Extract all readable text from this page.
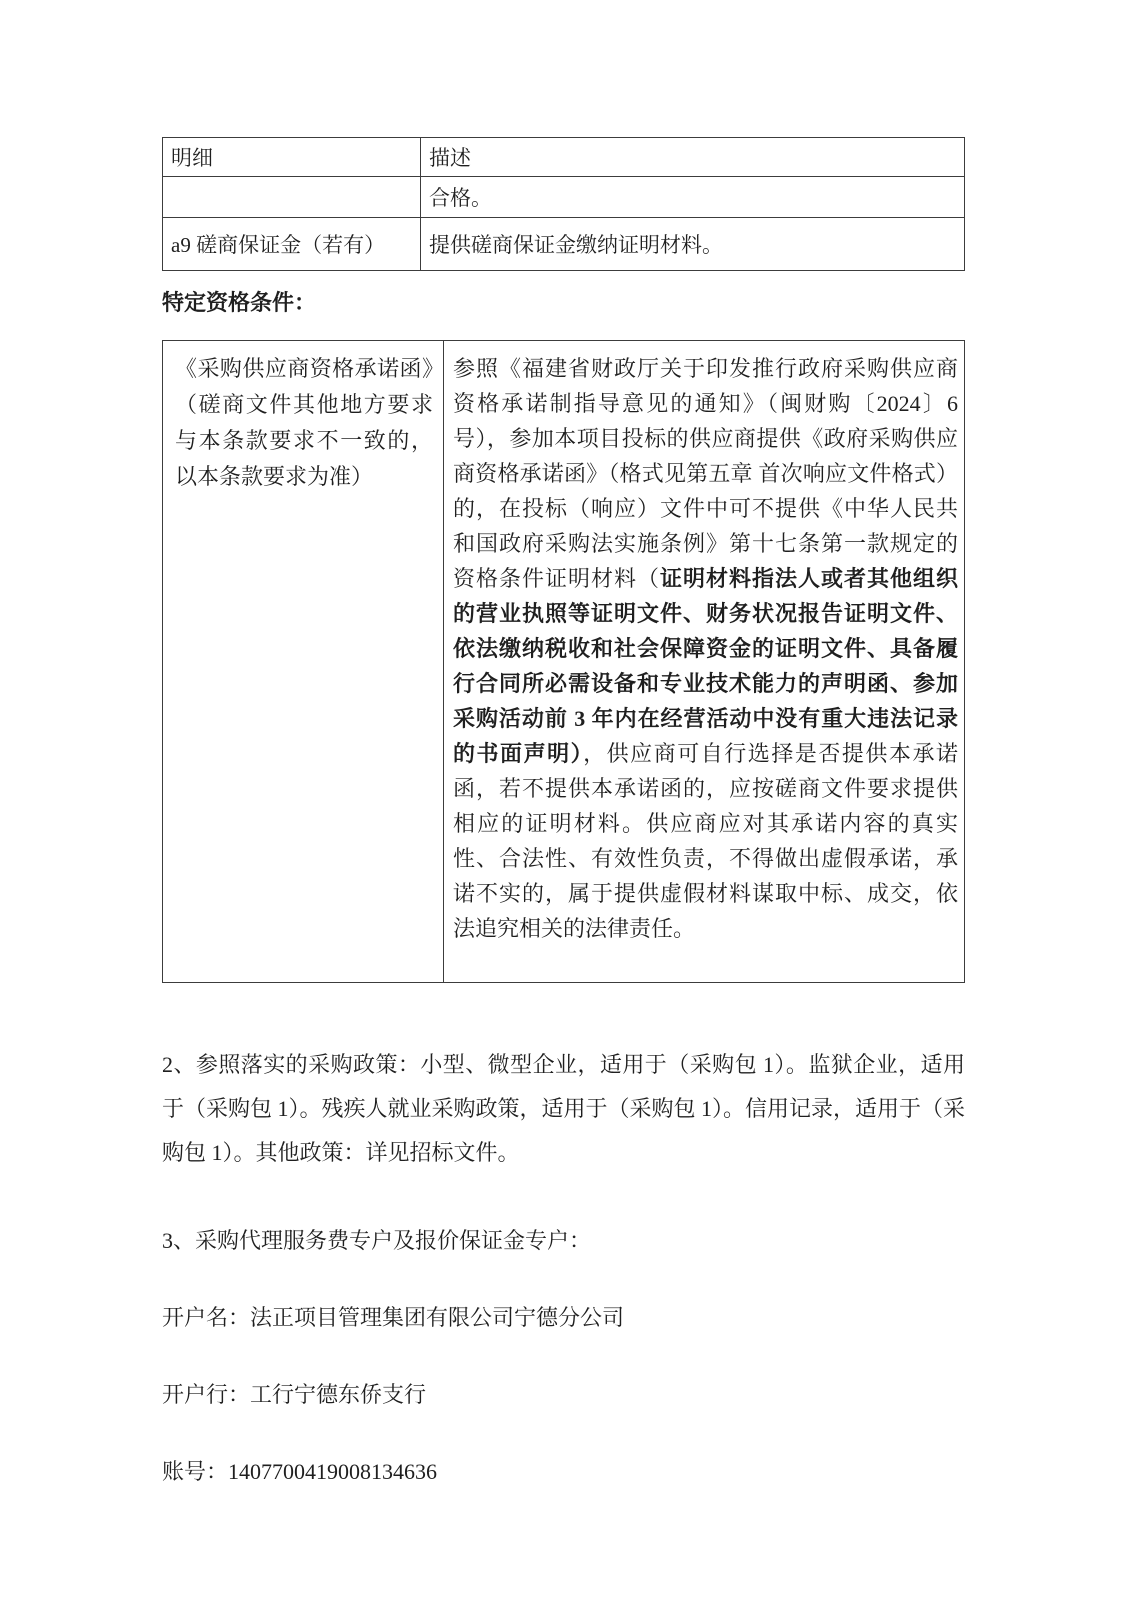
明细	描述
	合格。
a9 磋商保证金（若有）	提供磋商保证金缴纳证明材料。
特定资格条件：
《采购供应商资格承诺函》（磋商文件其他地方要求与本条款要求不一致的，以本条款要求为准）	参照《福建省财政厅关于印发推行政府采购供应商资格承诺制指导意见的通知》（闽财购〔2024〕6 号），参加本项目投标的供应商提供《政府采购供应商资格承诺函》（格式见第五章 首次响应文件格式）的，在投标（响应）文件中可不提供《中华人民共和国政府采购法实施条例》第十七条第一款规定的资格条件证明材料（证明材料指法人或者其他组织的营业执照等证明文件、财务状况报告证明文件、依法缴纳税收和社会保障资金的证明文件、具备履行合同所必需设备和专业技术能力的声明函、参加采购活动前 3 年内在经营活动中没有重大违法记录的书面声明），供应商可自行选择是否提供本承诺函，若不提供本承诺函的，应按磋商文件要求提供相应的证明材料。供应商应对其承诺内容的真实性、合法性、有效性负责，不得做出虚假承诺，承诺不实的，属于提供虚假材料谋取中标、成交，依法追究相关的法律责任。

2、参照落实的采购政策：小型、微型企业，适用于（采购包 1）。监狱企业，适用于（采购包 1）。残疾人就业采购政策，适用于（采购包 1）。信用记录，适用于（采购包 1）。其他政策：详见招标文件。

3、采购代理服务费专户及报价保证金专户：

开户名：法正项目管理集团有限公司宁德分公司

开户行：工行宁德东侨支行

账号：1407700419008134636
